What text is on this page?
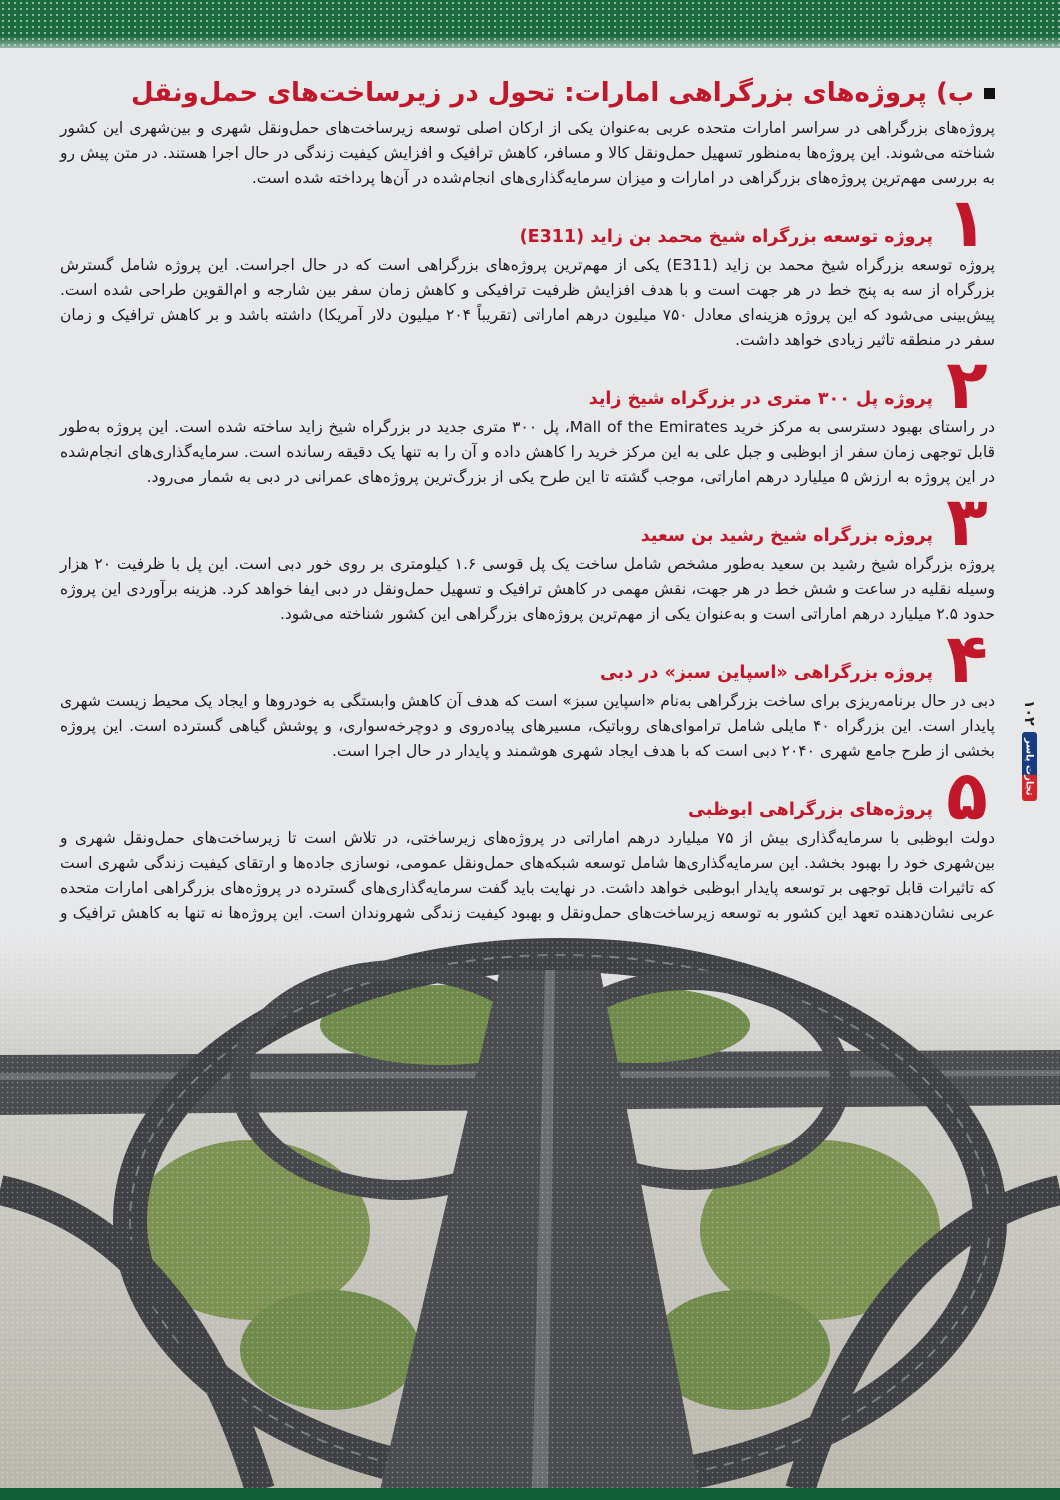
ب) پروژه‌های بزرگراهی امارات: تحول در زیرساخت‌های حمل‌ونقل

پروژه‌های بزرگراهی در سراسر امارات متحده عربی به‌عنوان یکی از ارکان اصلی توسعه زیرساخت‌های حمل‌ونقل شهری و بین‌شهری این کشور شناخته می‌شوند. این پروژه‌ها به‌منظور تسهیل حمل‌ونقل کالا و مسافر، کاهش ترافیک و افزایش کیفیت زندگی در حال اجرا هستند. در متن پیش رو به بررسی مهم‌ترین پروژه‌های بزرگراهی در امارات و میزان سرمایه‌گذاری‌های انجام‌شده در آن‌ها پرداخته شده است.

۱
پروژه توسعه بزرگراه شیخ محمد بن زاید (E311)

پروژه توسعه بزرگراه شیخ محمد بن زاید (E311) یکی از مهم‌ترین پروژه‌های بزرگراهی است که در حال اجراست. این پروژه شامل گسترش بزرگراه از سه به پنج خط در هر جهت است و با هدف افزایش ظرفیت ترافیکی و کاهش زمان سفر بین شارجه و ام‌القوین طراحی شده است. پیش‌بینی می‌شود که این پروژه هزینه‌ای معادل ۷۵۰ میلیون درهم اماراتی (تقریباً ۲۰۴ میلیون دلار آمریکا) داشته باشد و بر کاهش ترافیک و زمان سفر در منطقه تاثیر زیادی خواهد داشت.

۲
پروژه پل ۳۰۰ متری در بزرگراه شیخ زاید

در راستای بهبود دسترسی به مرکز خرید Mall of the Emirates، پل ۳۰۰ متری جدید در بزرگراه شیخ زاید ساخته شده است. این پروژه به‌طور قابل توجهی زمان سفر از ابوظبی و جبل علی به این مرکز خرید را کاهش داده و آن را به تنها یک دقیقه رسانده است. سرمایه‌گذاری‌های انجام‌شده در این پروژه به ارزش ۵ میلیارد درهم اماراتی، موجب گشته تا این طرح یکی از بزرگ‌ترین پروژه‌های عمرانی در دبی به شمار می‌رود.

۳
پروژه بزرگراه شیخ رشید بن سعید

پروژه بزرگراه شیخ رشید بن سعید به‌طور مشخص شامل ساخت یک پل قوسی ۱.۶ کیلومتری بر روی خور دبی است. این پل با ظرفیت ۲۰ هزار وسیله نقلیه در ساعت و شش خط در هر جهت، نقش مهمی در کاهش ترافیک و تسهیل حمل‌ونقل در دبی ایفا خواهد کرد. هزینه برآوردی این پروژه حدود ۲.۵ میلیارد درهم اماراتی است و به‌عنوان یکی از مهم‌ترین پروژه‌های بزرگراهی این کشور شناخته می‌شود.

۴
پروژه بزرگراهی «اسپاین سبز» در دبی

دبی در حال برنامه‌ریزی برای ساخت بزرگراهی به‌نام «اسپاین سبز» است که هدف آن کاهش وابستگی به خودروها و ایجاد یک محیط زیست شهری پایدار است. این بزرگراه ۴۰ مایلی شامل تراموای‌های روباتیک، مسیرهای پیاده‌روی و دوچرخه‌سواری، و پوشش گیاهی گسترده است. این پروژه بخشی از طرح جامع شهری ۲۰۴۰ دبی است که با هدف ایجاد شهری هوشمند و پایدار در حال اجرا است.

۵
پروژه‌های بزرگراهی ابوظبی

دولت ابوظبی با سرمایه‌گذاری بیش از ۷۵ میلیارد درهم اماراتی در پروژه‌های زیرساختی، در تلاش است تا زیرساخت‌های حمل‌ونقل شهری و بین‌شهری خود را بهبود بخشد. این سرمایه‌گذاری‌ها شامل توسعه شبکه‌های حمل‌ونقل عمومی، نوسازی جاده‌ها و ارتقای کیفیت زندگی شهری است که تاثیرات قابل توجهی بر توسعه پایدار ابوظبی خواهد داشت. در نهایت باید گفت سرمایه‌گذاری‌های گسترده در پروژه‌های بزرگراهی امارات متحده عربی نشان‌دهنده تعهد این کشور به توسعه زیرساخت‌های حمل‌ونقل و بهبود کیفیت زندگی شهروندان است. این پروژه‌ها نه تنها به کاهش ترافیک و

۱۰۲
تجارت یاسر
